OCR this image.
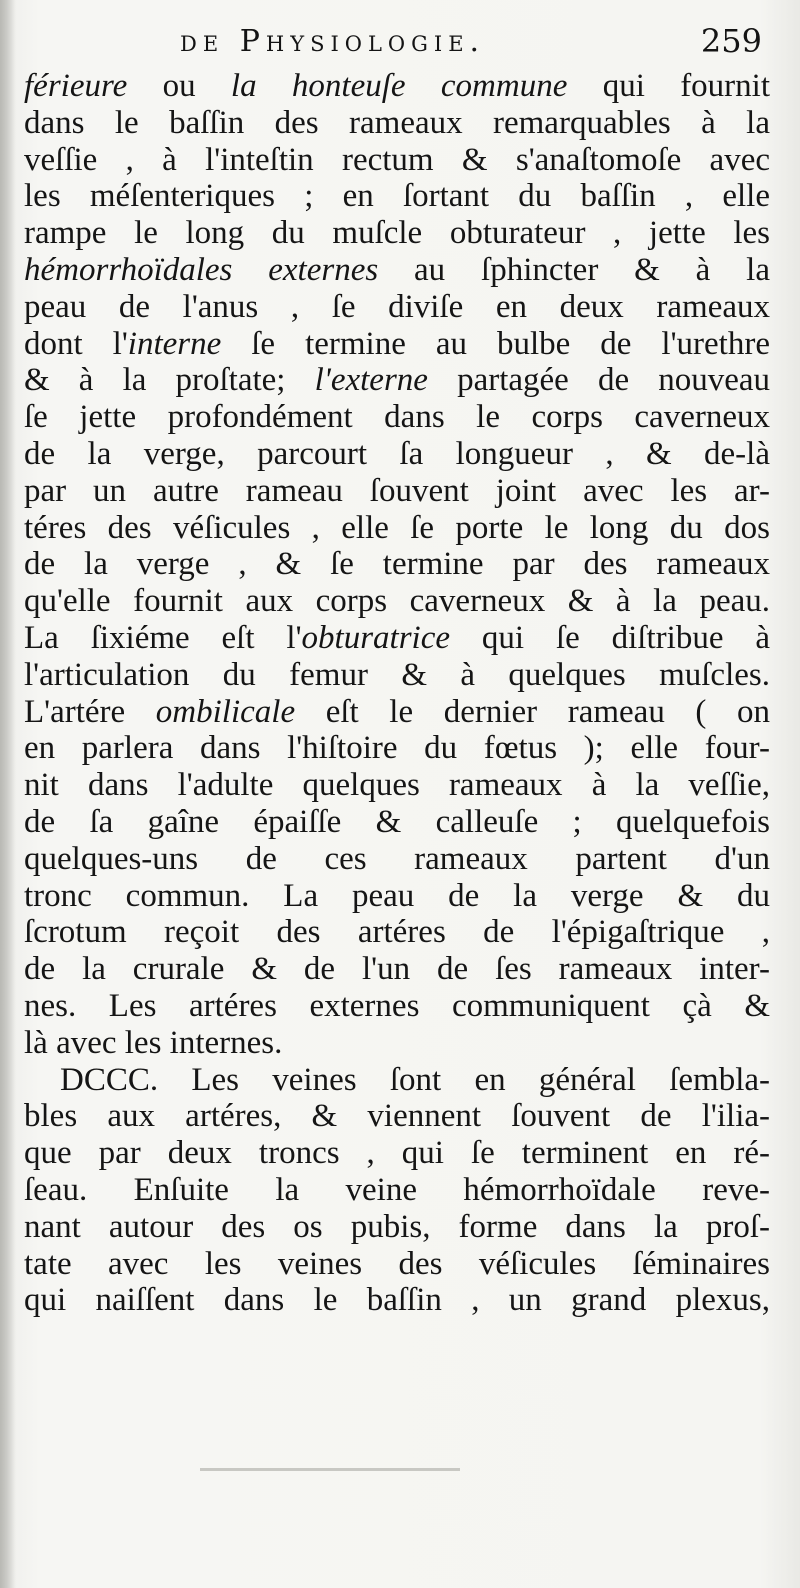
de Physiologie.	259
férieure ou la honteuſe commune qui fournit
dans le baſſin des rameaux remarquables à la
veſſie , à l'inteſtin rectum & s'anaſtomoſe avec
les méſenteriques ; en ſortant du baſſin , elle
rampe le long du muſcle obturateur , jette les
hémorrhoïdales externes au ſphincter & à la
peau de l'anus , ſe diviſe en deux rameaux
dont l'interne ſe termine au bulbe de l'urethre
& à la proſtate; l'externe partagée de nouveau
ſe jette profondément dans le corps caverneux
de la verge, parcourt ſa longueur , & de-là
par un autre rameau ſouvent joint avec les ar-
téres des véſicules , elle ſe porte le long du dos
de la verge , & ſe termine par des rameaux
qu'elle fournit aux corps caverneux & à la peau.
La ſixiéme eſt l'obturatrice qui ſe diſtribue à
l'articulation du femur & à quelques muſcles.
L'artére ombilicale eſt le dernier rameau ( on
en parlera dans l'hiſtoire du fœtus ); elle four-
nit dans l'adulte quelques rameaux à la veſſie,
de ſa gaîne épaiſſe & calleuſe ; quelquefois
quelques-uns de ces rameaux partent d'un
tronc commun. La peau de la verge & du
ſcrotum reçoit des artéres de l'épigaſtrique ,
de la crurale & de l'un de ſes rameaux inter-
nes. Les artéres externes communiquent çà &
là avec les internes.
DCCC. Les veines ſont en général ſembla-
bles aux artéres, & viennent ſouvent de l'ilia-
que par deux troncs , qui ſe terminent en ré-
ſeau. Enſuite la veine hémorrhoïdale reve-
nant autour des os pubis, forme dans la proſ-
tate avec les veines des véſicules ſéminaires
qui naiſſent dans le baſſin , un grand plexus,
